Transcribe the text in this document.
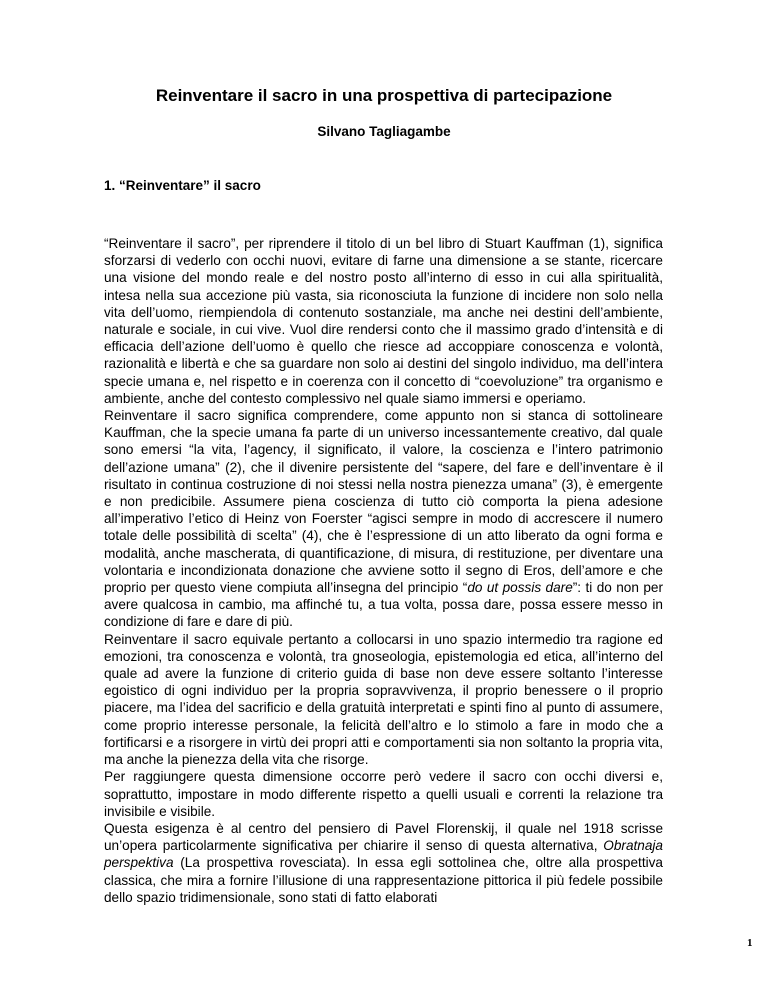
Reinventare il sacro in una prospettiva di partecipazione
Silvano Tagliagambe
1. “Reinventare” il sacro

“Reinventare il sacro”, per riprendere il titolo di un bel libro di Stuart Kauffman (1), significa sforzarsi di vederlo con occhi nuovi, evitare di farne una dimensione a se stante, ricercare una visione del mondo reale e del nostro posto all’interno di esso in cui alla spiritualità, intesa nella sua accezione più vasta, sia riconosciuta la funzione di incidere non solo nella vita dell’uomo, riempiendola di contenuto sostanziale, ma anche nei destini dell’ambiente, naturale e sociale, in cui vive. Vuol dire rendersi conto che il massimo grado d’intensità e di efficacia dell’azione dell’uomo è quello che riesce ad accoppiare conoscenza e volontà, razionalità e libertà e che sa guardare non solo ai destini del singolo individuo, ma dell’intera specie umana e, nel rispetto e in coerenza con il concetto di “coevoluzione” tra organismo e ambiente, anche del contesto complessivo nel quale siamo immersi e operiamo.

Reinventare il sacro significa comprendere, come appunto non si stanca di sottolineare Kauffman, che la specie umana fa parte di un universo incessantemente creativo, dal quale sono emersi “la vita, l’agency, il significato, il valore, la coscienza e l’intero patrimonio dell’azione umana” (2), che il divenire persistente del “sapere, del fare e dell’inventare è il risultato in continua costruzione di noi stessi nella nostra pienezza umana” (3), è emergente e non predicibile. Assumere piena coscienza di tutto ciò comporta la piena adesione all’imperativo l’etico di Heinz von Foerster “agisci sempre in modo di accrescere il numero totale delle possibilità di scelta” (4), che è l’espressione di un atto liberato da ogni forma e modalità, anche mascherata, di quantificazione, di misura, di restituzione, per diventare una volontaria e incondizionata donazione che avviene sotto il segno di Eros, dell’amore e che proprio per questo viene compiuta all’insegna del principio “do ut possis dare”: ti do non per avere qualcosa in cambio, ma affinché tu, a tua volta, possa dare, possa essere messo in condizione di fare e dare di più.

Reinventare il sacro equivale pertanto a collocarsi in uno spazio intermedio tra ragione ed emozioni, tra conoscenza e volontà, tra gnoseologia, epistemologia ed etica, all’interno del quale ad avere la funzione di criterio guida di base non deve essere soltanto l’interesse egoistico di ogni individuo per la propria sopravvivenza, il proprio benessere o il proprio piacere, ma l’idea del sacrificio e della gratuità interpretati e spinti fino al punto di assumere, come proprio interesse personale, la felicità dell’altro e lo stimolo a fare in modo che a fortificarsi e a risorgere in virtù dei propri atti e comportamenti sia non soltanto la propria vita, ma anche la pienezza della vita che risorge.

Per raggiungere questa dimensione occorre però vedere il sacro con occhi diversi e, soprattutto, impostare in modo differente rispetto a quelli usuali e correnti la relazione tra invisibile e visibile.

Questa esigenza è al centro del pensiero di Pavel Florenskij, il quale nel 1918 scrisse un’opera particolarmente significativa per chiarire il senso di questa alternativa, Obratnaja perspektiva (La prospettiva rovesciata). In essa egli sottolinea che, oltre alla prospettiva classica, che mira a fornire l’illusione di una rappresentazione pittorica il più fedele possibile dello spazio tridimensionale, sono stati di fatto elaborati

1
